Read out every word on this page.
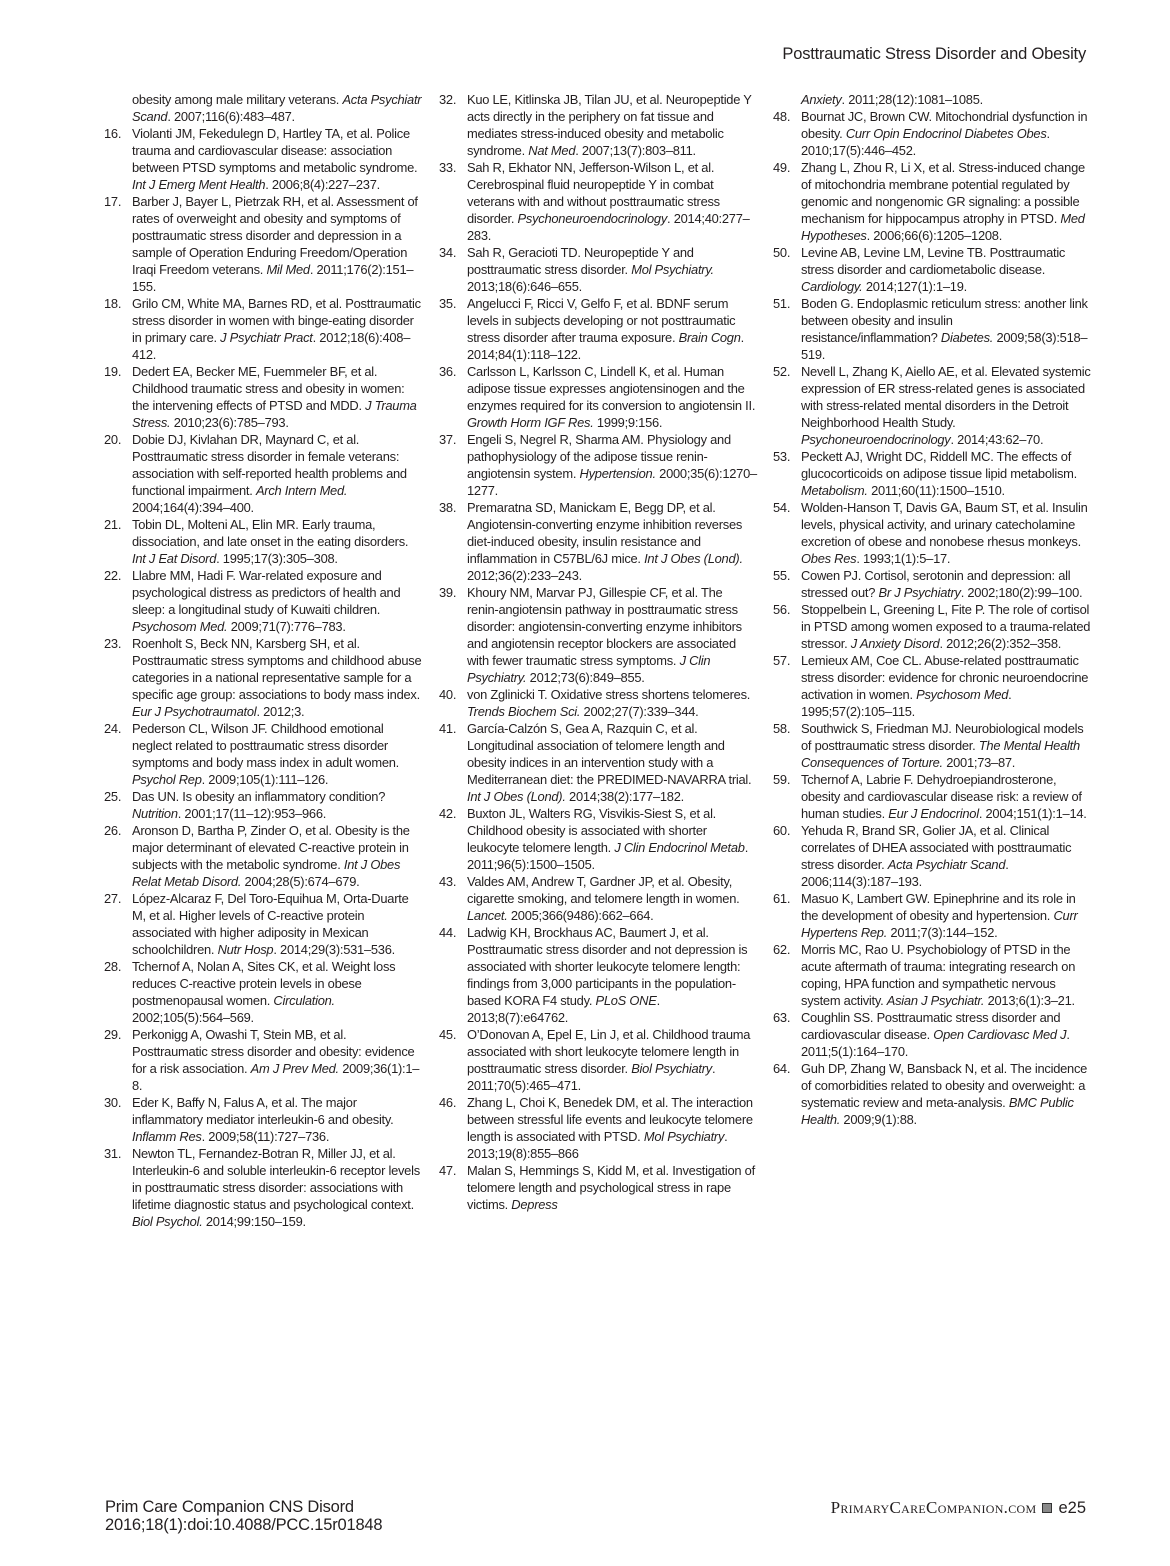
Posttraumatic Stress Disorder and Obesity
obesity among male military veterans. Acta Psychiatr Scand. 2007;116(6):483–487.
16. Violanti JM, Fekedulegn D, Hartley TA, et al. Police trauma and cardiovascular disease: association between PTSD symptoms and metabolic syndrome. Int J Emerg Ment Health. 2006;8(4):227–237.
17. Barber J, Bayer L, Pietrzak RH, et al. Assessment of rates of overweight and obesity and symptoms of posttraumatic stress disorder and depression in a sample of Operation Enduring Freedom/Operation Iraqi Freedom veterans. Mil Med. 2011;176(2):151–155.
18. Grilo CM, White MA, Barnes RD, et al. Posttraumatic stress disorder in women with binge-eating disorder in primary care. J Psychiatr Pract. 2012;18(6):408–412.
19. Dedert EA, Becker ME, Fuemmeler BF, et al. Childhood traumatic stress and obesity in women: the intervening effects of PTSD and MDD. J Trauma Stress. 2010;23(6):785–793.
20. Dobie DJ, Kivlahan DR, Maynard C, et al. Posttraumatic stress disorder in female veterans: association with self-reported health problems and functional impairment. Arch Intern Med. 2004;164(4):394–400.
21. Tobin DL, Molteni AL, Elin MR. Early trauma, dissociation, and late onset in the eating disorders. Int J Eat Disord. 1995;17(3):305–308.
22. Llabre MM, Hadi F. War-related exposure and psychological distress as predictors of health and sleep: a longitudinal study of Kuwaiti children. Psychosom Med. 2009;71(7):776–783.
23. Roenholt S, Beck NN, Karsberg SH, et al. Posttraumatic stress symptoms and childhood abuse categories in a national representative sample for a specific age group: associations to body mass index. Eur J Psychotraumatol. 2012;3.
24. Pederson CL, Wilson JF. Childhood emotional neglect related to posttraumatic stress disorder symptoms and body mass index in adult women. Psychol Rep. 2009;105(1):111–126.
25. Das UN. Is obesity an inflammatory condition? Nutrition. 2001;17(11–12):953–966.
26. Aronson D, Bartha P, Zinder O, et al. Obesity is the major determinant of elevated C-reactive protein in subjects with the metabolic syndrome. Int J Obes Relat Metab Disord. 2004;28(5):674–679.
27. López-Alcaraz F, Del Toro-Equihua M, Orta-Duarte M, et al. Higher levels of C-reactive protein associated with higher adiposity in Mexican schoolchildren. Nutr Hosp. 2014;29(3):531–536.
28. Tchernof A, Nolan A, Sites CK, et al. Weight loss reduces C-reactive protein levels in obese postmenopausal women. Circulation. 2002;105(5):564–569.
29. Perkonigg A, Owashi T, Stein MB, et al. Posttraumatic stress disorder and obesity: evidence for a risk association. Am J Prev Med. 2009;36(1):1–8.
30. Eder K, Baffy N, Falus A, et al. The major inflammatory mediator interleukin-6 and obesity. Inflamm Res. 2009;58(11):727–736.
31. Newton TL, Fernandez-Botran R, Miller JJ, et al. Interleukin-6 and soluble interleukin-6 receptor levels in posttraumatic stress disorder: associations with lifetime diagnostic status and psychological context. Biol Psychol. 2014;99:150–159.
32. Kuo LE, Kitlinska JB, Tilan JU, et al. Neuropeptide Y acts directly in the periphery on fat tissue and mediates stress-induced obesity and metabolic syndrome. Nat Med. 2007;13(7):803–811.
33. Sah R, Ekhator NN, Jefferson-Wilson L, et al. Cerebrospinal fluid neuropeptide Y in combat veterans with and without posttraumatic stress disorder. Psychoneuroendocrinology. 2014;40:277–283.
34. Sah R, Geracioti TD. Neuropeptide Y and posttraumatic stress disorder. Mol Psychiatry. 2013;18(6):646–655.
35. Angelucci F, Ricci V, Gelfo F, et al. BDNF serum levels in subjects developing or not posttraumatic stress disorder after trauma exposure. Brain Cogn. 2014;84(1):118–122.
36. Carlsson L, Karlsson C, Lindell K, et al. Human adipose tissue expresses angiotensinogen and the enzymes required for its conversion to angiotensin II. Growth Horm IGF Res. 1999;9:156.
37. Engeli S, Negrel R, Sharma AM. Physiology and pathophysiology of the adipose tissue renin-angiotensin system. Hypertension. 2000;35(6):1270–1277.
38. Premaratna SD, Manickam E, Begg DP, et al. Angiotensin-converting enzyme inhibition reverses diet-induced obesity, insulin resistance and inflammation in C57BL/6J mice. Int J Obes (Lond). 2012;36(2):233–243.
39. Khoury NM, Marvar PJ, Gillespie CF, et al. The renin-angiotensin pathway in posttraumatic stress disorder: angiotensin-converting enzyme inhibitors and angiotensin receptor blockers are associated with fewer traumatic stress symptoms. J Clin Psychiatry. 2012;73(6):849–855.
40. von Zglinicki T. Oxidative stress shortens telomeres. Trends Biochem Sci. 2002;27(7):339–344.
41. García-Calzón S, Gea A, Razquin C, et al. Longitudinal association of telomere length and obesity indices in an intervention study with a Mediterranean diet: the PREDIMED-NAVARRA trial. Int J Obes (Lond). 2014;38(2):177–182.
42. Buxton JL, Walters RG, Visvikis-Siest S, et al. Childhood obesity is associated with shorter leukocyte telomere length. J Clin Endocrinol Metab. 2011;96(5):1500–1505.
43. Valdes AM, Andrew T, Gardner JP, et al. Obesity, cigarette smoking, and telomere length in women. Lancet. 2005;366(9486):662–664.
44. Ladwig KH, Brockhaus AC, Baumert J, et al. Posttraumatic stress disorder and not depression is associated with shorter leukocyte telomere length: findings from 3,000 participants in the population-based KORA F4 study. PLoS ONE. 2013;8(7):e64762.
45. O’Donovan A, Epel E, Lin J, et al. Childhood trauma associated with short leukocyte telomere length in posttraumatic stress disorder. Biol Psychiatry. 2011;70(5):465–471.
46. Zhang L, Choi K, Benedek DM, et al. The interaction between stressful life events and leukocyte telomere length is associated with PTSD. Mol Psychiatry. 2013;19(8):855–866
47. Malan S, Hemmings S, Kidd M, et al. Investigation of telomere length and psychological stress in rape victims. Depress
Anxiety. 2011;28(12):1081–1085.
48. Bournat JC, Brown CW. Mitochondrial dysfunction in obesity. Curr Opin Endocrinol Diabetes Obes. 2010;17(5):446–452.
49. Zhang L, Zhou R, Li X, et al. Stress-induced change of mitochondria membrane potential regulated by genomic and nongenomic GR signaling: a possible mechanism for hippocampus atrophy in PTSD. Med Hypotheses. 2006;66(6):1205–1208.
50. Levine AB, Levine LM, Levine TB. Posttraumatic stress disorder and cardiometabolic disease. Cardiology. 2014;127(1):1–19.
51. Boden G. Endoplasmic reticulum stress: another link between obesity and insulin resistance/inflammation? Diabetes. 2009;58(3):518–519.
52. Nevell L, Zhang K, Aiello AE, et al. Elevated systemic expression of ER stress-related genes is associated with stress-related mental disorders in the Detroit Neighborhood Health Study. Psychoneuroendocrinology. 2014;43:62–70.
53. Peckett AJ, Wright DC, Riddell MC. The effects of glucocorticoids on adipose tissue lipid metabolism. Metabolism. 2011;60(11):1500–1510.
54. Wolden-Hanson T, Davis GA, Baum ST, et al. Insulin levels, physical activity, and urinary catecholamine excretion of obese and nonobese rhesus monkeys. Obes Res. 1993;1(1):5–17.
55. Cowen PJ. Cortisol, serotonin and depression: all stressed out? Br J Psychiatry. 2002;180(2):99–100.
56. Stoppelbein L, Greening L, Fite P. The role of cortisol in PTSD among women exposed to a trauma-related stressor. J Anxiety Disord. 2012;26(2):352–358.
57. Lemieux AM, Coe CL. Abuse-related posttraumatic stress disorder: evidence for chronic neuroendocrine activation in women. Psychosom Med. 1995;57(2):105–115.
58. Southwick S, Friedman MJ. Neurobiological models of posttraumatic stress disorder. The Mental Health Consequences of Torture. 2001;73–87.
59. Tchernof A, Labrie F. Dehydroepiandrosterone, obesity and cardiovascular disease risk: a review of human studies. Eur J Endocrinol. 2004;151(1):1–14.
60. Yehuda R, Brand SR, Golier JA, et al. Clinical correlates of DHEA associated with posttraumatic stress disorder. Acta Psychiatr Scand. 2006;114(3):187–193.
61. Masuo K, Lambert GW. Epinephrine and its role in the development of obesity and hypertension. Curr Hypertens Rep. 2011;7(3):144–152.
62. Morris MC, Rao U. Psychobiology of PTSD in the acute aftermath of trauma: integrating research on coping, HPA function and sympathetic nervous system activity. Asian J Psychiatr. 2013;6(1):3–21.
63. Coughlin SS. Posttraumatic stress disorder and cardiovascular disease. Open Cardiovasc Med J. 2011;5(1):164–170.
64. Guh DP, Zhang W, Bansback N, et al. The incidence of comorbidities related to obesity and overweight: a systematic review and meta-analysis. BMC Public Health. 2009;9(1):88.
Prim Care Companion CNS Disord
2016;18(1):doi:10.4088/PCC.15r01848
PrimaryCareCompanion.com e25
